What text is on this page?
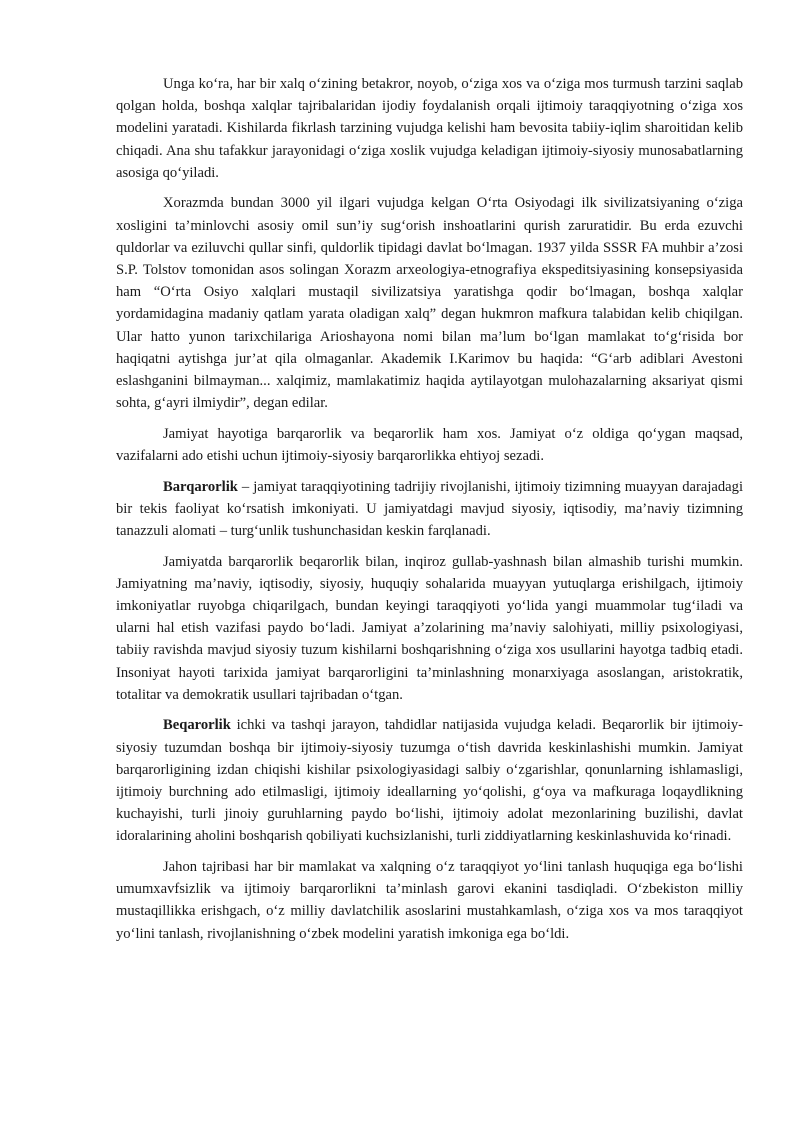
Unga ko‘ra, har bir xalq o‘zining betakror, noyob, o‘ziga xos va o‘ziga mos turmush tarzini saqlab qolgan holda, boshqa xalqlar tajribalaridan ijodiy foydalanish orqali ijtimoiy taraqqiyotning o‘ziga xos modelini yaratadi. Kishilarda fikrlash tarzining vujudga kelishi ham bevosita tabiiy-iqlim sharoitidan kelib chiqadi. Ana shu tafakkur jarayonidagi o‘ziga xoslik vujudga keladigan ijtimoiy-siyosiy munosabatlarning asosiga qo‘yiladi.

Xorazmda bundan 3000 yil ilgari vujudga kelgan O‘rta Osiyodagi ilk sivilizatsiyaning o‘ziga xosligini ta’minlovchi asosiy omil sun’iy sug‘orish inshoatlarini qurish zaruratidir. Bu erda ezuvchi quldorlar va eziluvchi qullar sinfi, quldorlik tipidagi davlat bo‘lmagan. 1937 yilda SSSR FA muhbir a’zosi S.P. Tolstov tomonidan asos solingan Xorazm arxeologiya-etnografiya ekspeditsiyasining konsepsiyasida ham “O‘rta Osiyo xalqlari mustaqil sivilizatsiya yaratishga qodir bo‘lmagan, boshqa xalqlar yordamidagina madaniy qatlam yarata oladigan xalq” degan hukmron mafkura talabidan kelib chiqilgan. Ular hatto yunon tarixchilariga Arioshayona nomi bilan ma’lum bo‘lgan mamlakat to‘g‘risida bor haqiqatni aytishga jur’at qila olmaganlar. Akademik I.Karimov bu haqida: “G‘arb adiblari Avestoni eslashganini bilmayman... xalqimiz, mamlakatimiz haqida aytilayotgan mulohazalarning aksariyat qismi sohta, g‘ayri ilmiydir”, degan edilar.

Jamiyat hayotiga barqarorlik va beqarorlik ham xos. Jamiyat o‘z oldiga qo‘ygan maqsad, vazifalarni ado etishi uchun ijtimoiy-siyosiy barqarorlikka ehtiyoj sezadi.

Barqarorlik – jamiyat taraqqiyotining tadrijiy rivojlanishi, ijtimoiy tizimning muayyan darajadagi bir tekis faoliyat ko‘rsatish imkoniyati. U jamiyatdagi mavjud siyosiy, iqtisodiy, ma’naviy tizimning tanazzuli alomati – turg‘unlik tushunchasidan keskin farqlanadi.

Jamiyatda barqarorlik beqarorlik bilan, inqiroz gullab-yashnash bilan almashib turishi mumkin. Jamiyatning ma’naviy, iqtisodiy, siyosiy, huquqiy sohalarida muayyan yutuqlarga erishilgach, ijtimoiy imkoniyatlar ruyobga chiqarilgach, bundan keyingi taraqqiyoti yo‘lida yangi muammolar tug‘iladi va ularni hal etish vazifasi paydo bo‘ladi. Jamiyat a’zolarining ma’naviy salohiyati, milliy psixologiyasi, tabiiy ravishda mavjud siyosiy tuzum kishilarni boshqarishning o‘ziga xos usullarini hayotga tadbiq etadi. Insoniyat hayoti tarixida jamiyat barqarorligini ta’minlashning monarxiyaga asoslangan, aristokratik, totalitar va demokratik usullari tajribadan o‘tgan.

Beqarorlik ichki va tashqi jarayon, tahdidlar natijasida vujudga keladi. Beqarorlik bir ijtimoiy-siyosiy tuzumdan boshqa bir ijtimoiy-siyosiy tuzumga o‘tish davrida keskinlashishi mumkin. Jamiyat barqarorligining izdan chiqishi kishilar psixologiyasidagi salbiy o‘zgarishlar, qonunlarning ishlamasligi, ijtimoiy burchning ado etilmasligi, ijtimoiy ideallarning yo‘qolishi, g‘oya va mafkuraga loqaydlikning kuchayishi, turli jinoiy guruhlarning paydo bo‘lishi, ijtimoiy adolat mezonlarining buzilishi, davlat idoralarining aholini boshqarish qobiliyati kuchsizlanishi, turli ziddiyatlarning keskinlashuvida ko‘rinadi.

Jahon tajribasi har bir mamlakat va xalqning o‘z taraqqiyot yo‘lini tanlash huquqiga ega bo‘lishi umumxavfsizlik va ijtimoiy barqarorlikni ta’minlash garovi ekanini tasdiqladi. O‘zbekiston milliy mustaqillikka erishgach, o‘z milliy davlatchilik asoslarini mustahkamlash, o‘ziga xos va mos taraqqiyot yo‘lini tanlash, rivojlanishning o‘zbek modelini yaratish imkoniga ega bo‘ldi.
